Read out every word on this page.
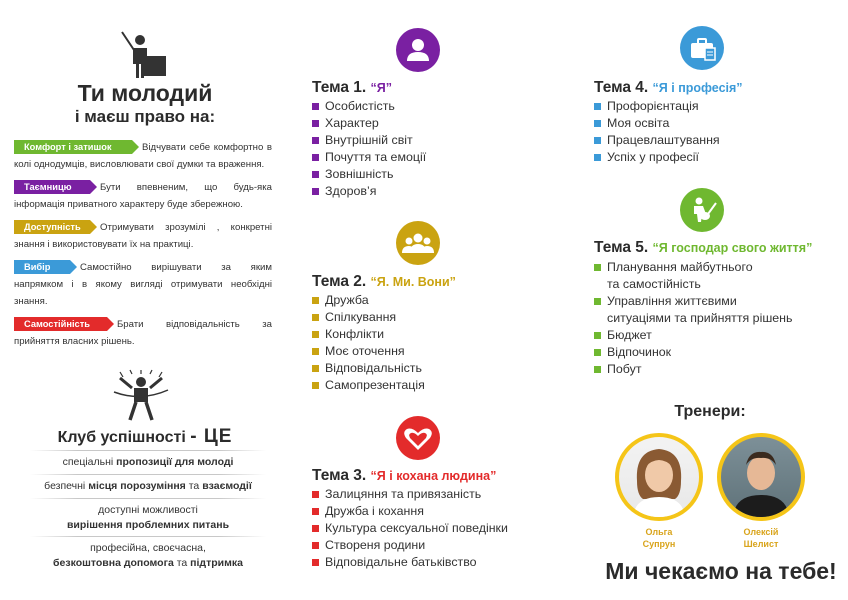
Ти молодий
і маєш право на:
Комфорт і затишок	Відчувати себе комфортно в колі однодумців, висловлювати свої думки та враження.
Таємницю	Бути впевненим, що будь-яка інформація приватного характеру буде збережною.
Доступність Отримувати зрозумілі , конкретні знання і використовувати їх на практиці.
Вибір	Самостійно вирішувати за яким напрямком і в якому вигляді отримувати необхідні знання.
Самостійність	Брати відповідальність за прийняття власних рішень.
Клуб успішності - ЦЕ
спеціальні пропозиції для молоді
безпечні місця порозуміння та взаємодії
доступні можливості
вирішення проблемних питань
професійна, своєчасна,
безкоштовна допомога та підтримка
Тема 1. “Я”
Особистість
Характер
Внутрішній світ
Почуття та емоції
Зовнішність
Здоров’я
Тема 2. “Я. Ми. Вони”
Дружба
Спілкування
Конфлікти
Моє оточення
Відповідальність
Самопрезентація
Тема 3. “Я і кохана людина”
Залицяння та привязаність
Дружба і кохання
Культура сексуальної поведінки
Створеня родини
Відповідальне батьківство
Тема 4. “Я і професія”
Профорієнтація
Моя освіта
Працевлаштування
Успіх у професії
Тема 5. “Я господар свого життя”
Планування майбутнього
та самостійність
Управління життєвими
ситуаціями та прийняття рішень
Бюджет
Відпочинок
Побут
Тренери:
Ольга
Супрун
Олексій
Шелист
Ми чекаємо на тебе!
